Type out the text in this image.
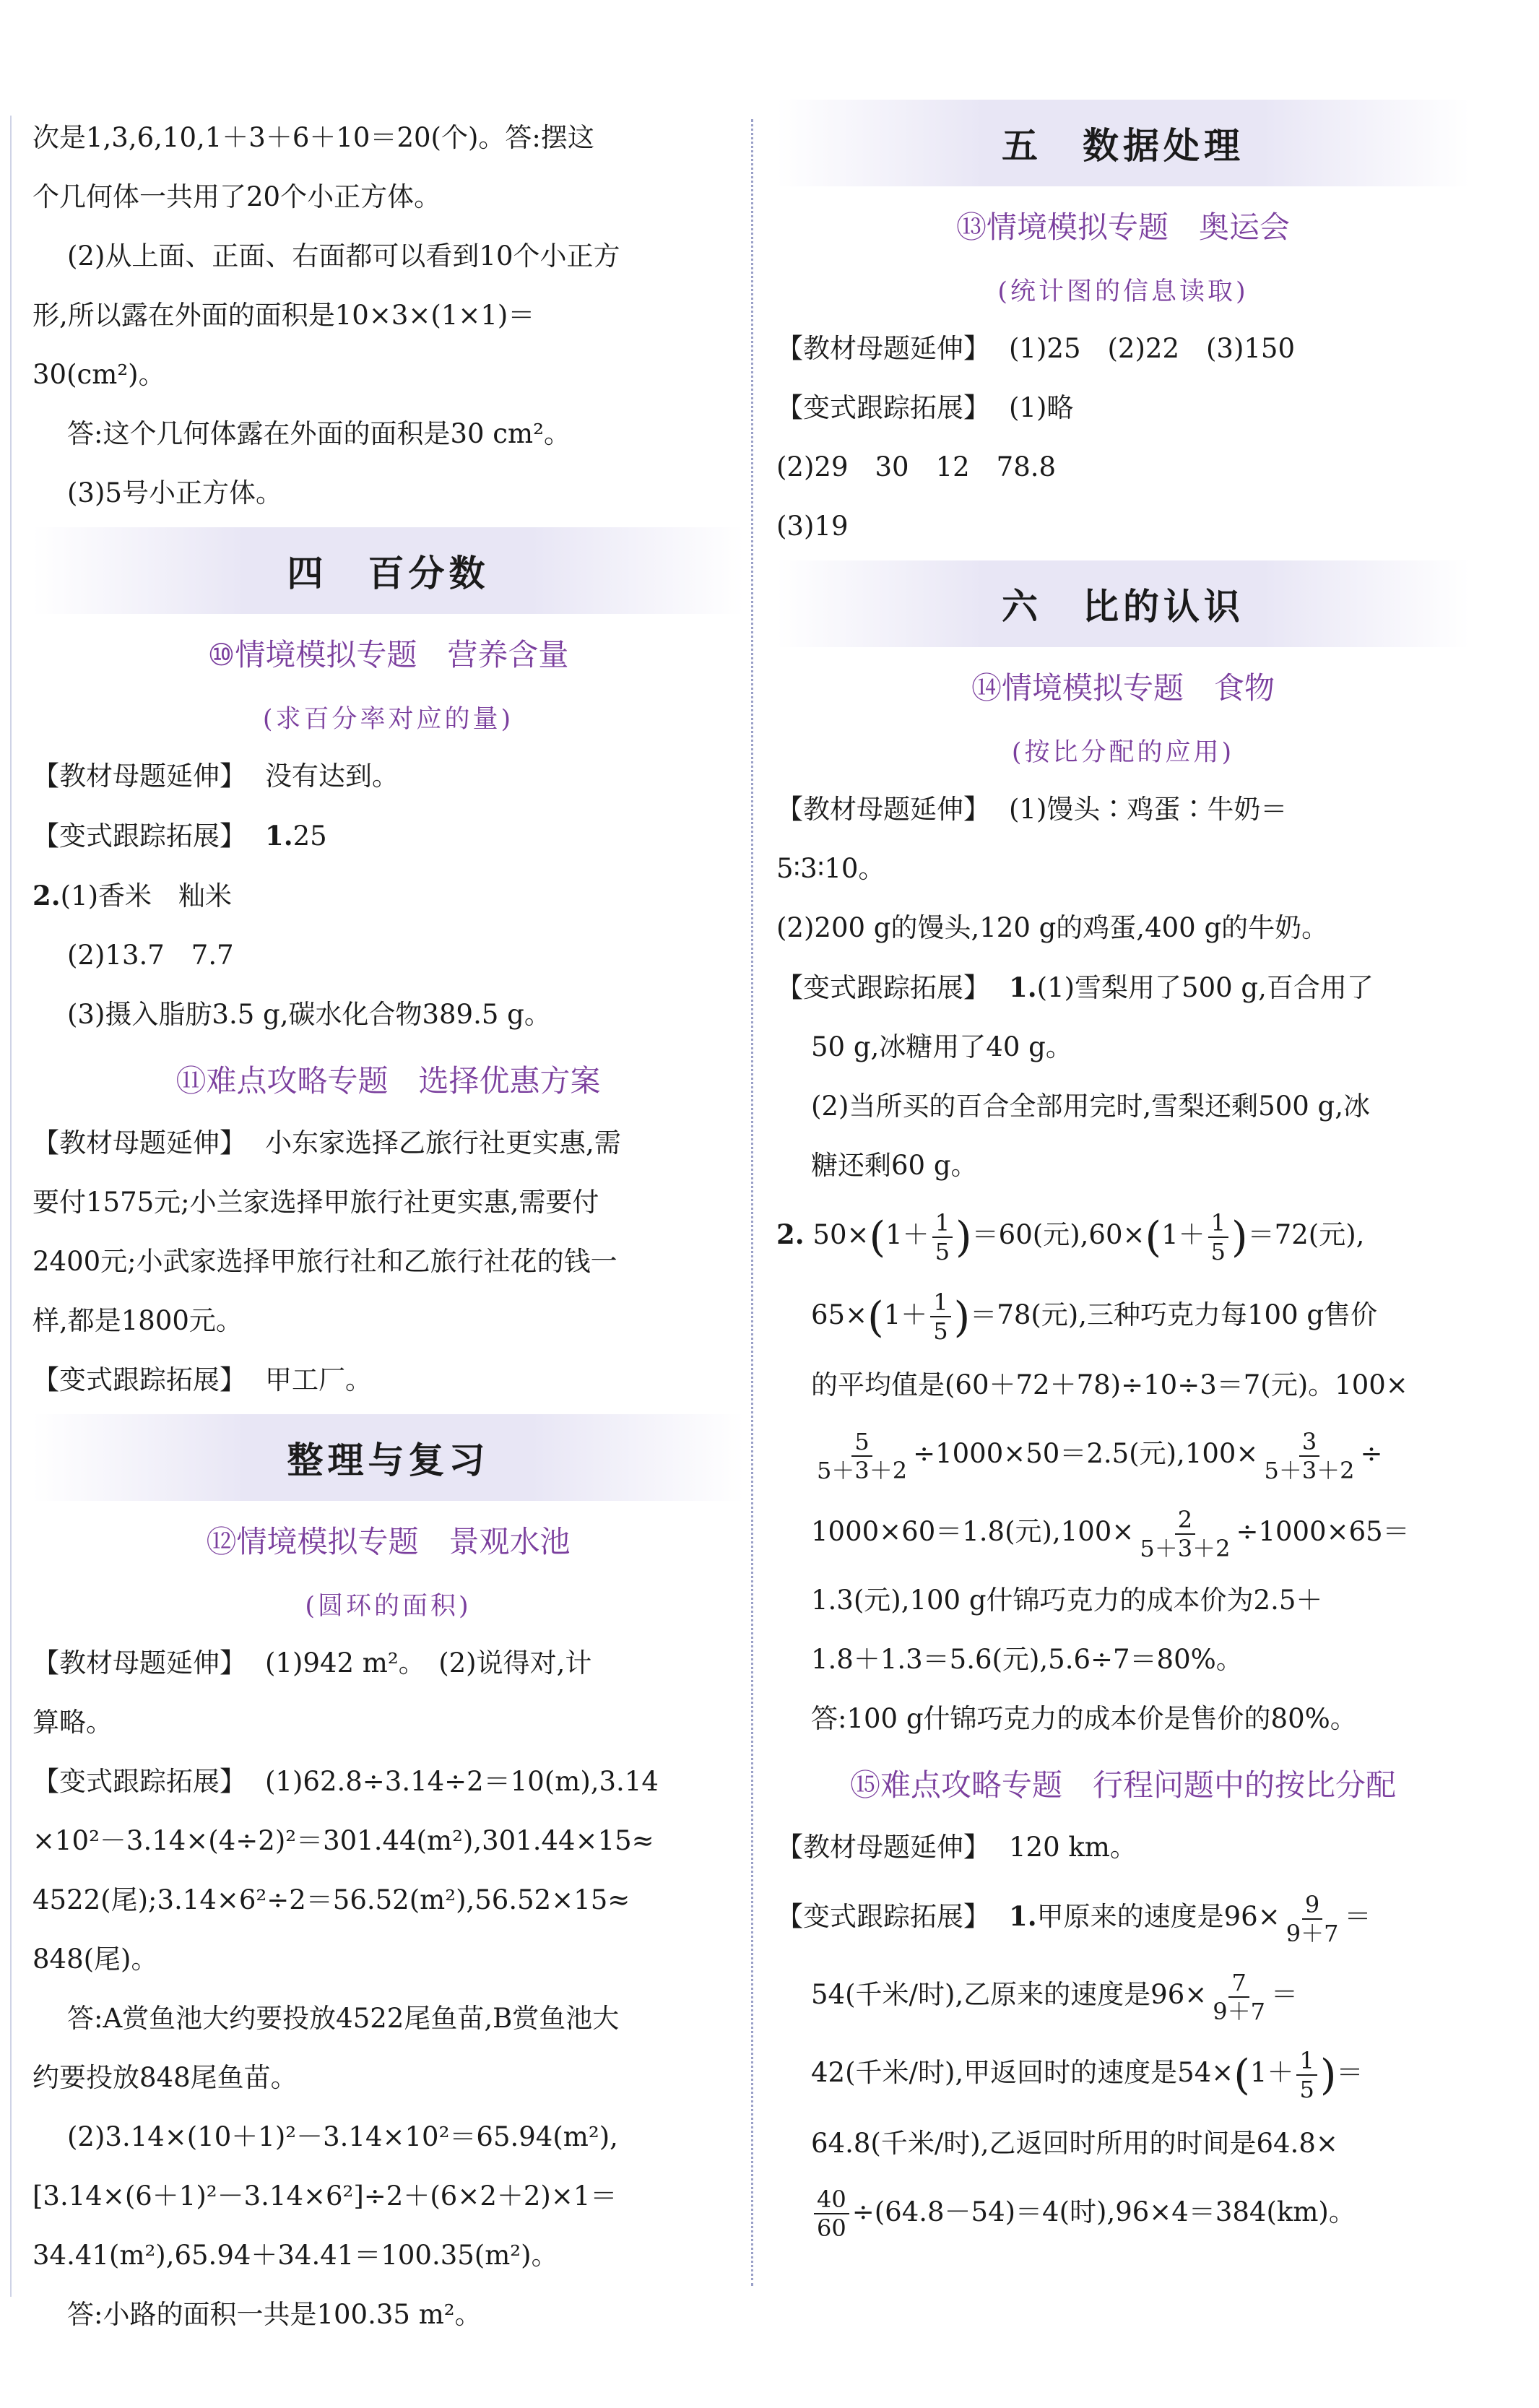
次是1,3,6,10,1＋3＋6＋10＝20(个)。答:摆这

个几何体一共用了20个小正方体。

(2)从上面、正面、右面都可以看到10个小正方

形,所以露在外面的面积是10×3×(1×1)＝

30(cm²)。

答:这个几何体露在外面的面积是30 cm²。

(3)5号小正方体。

四　百分数
⑩情境模拟专题　营养含量
(求百分率对应的量)

【教材母题延伸】 没有达到。

【变式跟踪拓展】 1.25

2.(1)香米　籼米

(2)13.7　7.7

(3)摄入脂肪3.5 g,碳水化合物389.5 g。

⑪难点攻略专题　选择优惠方案

【教材母题延伸】 小东家选择乙旅行社更实惠,需

要付1575元;小兰家选择甲旅行社更实惠,需要付

2400元;小武家选择甲旅行社和乙旅行社花的钱一

样,都是1800元。

【变式跟踪拓展】 甲工厂。

整理与复习
⑫情境模拟专题　景观水池
(圆环的面积)

【教材母题延伸】 (1)942 m²。　(2)说得对,计

算略。

【变式跟踪拓展】 (1)62.8÷3.14÷2＝10(m),3.14

×10²－3.14×(4÷2)²＝301.44(m²),301.44×15≈

4522(尾);3.14×6²÷2＝56.52(m²),56.52×15≈

848(尾)。

答:A赏鱼池大约要投放4522尾鱼苗,B赏鱼池大

约要投放848尾鱼苗。

(2)3.14×(10＋1)²－3.14×10²＝65.94(m²),

[3.14×(6＋1)²－3.14×6²]÷2＋(6×2＋2)×1＝

34.41(m²),65.94＋34.41＝100.35(m²)。

答:小路的面积一共是100.35 m²。

五　数据处理
⑬情境模拟专题　奥运会
(统计图的信息读取)

【教材母题延伸】 (1)25　(2)22　(3)150

【变式跟踪拓展】 (1)略

(2)29　30　12　78.8

(3)19

六　比的认识
⑭情境模拟专题　食物
(按比分配的应用)

【教材母题延伸】 (1)馒头∶鸡蛋∶牛奶＝

5∶3∶10。

(2)200 g的馒头,120 g的鸡蛋,400 g的牛奶。

【变式跟踪拓展】 1.(1)雪梨用了500 g,百合用了

50 g,冰糖用了40 g。

(2)当所买的百合全部用完时,雪梨还剩500 g,冰

糖还剩60 g。

2. $50\times(1+ \frac{1}{5} )=60$(元)$,60\times(1+ \frac{1}{5} )=72$(元),

$65\times(1+ \frac{1}{5} )=78$(元),三种巧克力每100 g售价

的平均值是(60＋72＋78)÷10÷3＝7(元)。100×

$\frac{5}{5+3+2} \div 1000\times 50=2.5$(元)$,100\times \frac{3}{5+3+2}$ ÷

1000×60＝1.8(元)$,100\times \frac{2}{5+3+2} \div 1000\times 65=$

1.3(元),100 g什锦巧克力的成本价为2.5＋

1.8＋1.3＝5.6(元),5.6÷7＝80%。

答:100 g什锦巧克力的成本价是售价的80%。

⑮难点攻略专题　行程问题中的按比分配

【教材母题延伸】 120 km。

【变式跟踪拓展】 1.甲原来的速度是$96\times \frac{9}{9+7}$ ＝

54(千米/时),乙原来的速度是$96\times \frac{7}{9+7}$ ＝

42(千米/时),甲返回时的速度是$54\times(1+ \frac{1}{5}$ )＝

64.8(千米/时),乙返回时所用的时间是64.8×

$\frac{40}{60} \div(64.8-54)=4$(时),96×4＝384(km)。
